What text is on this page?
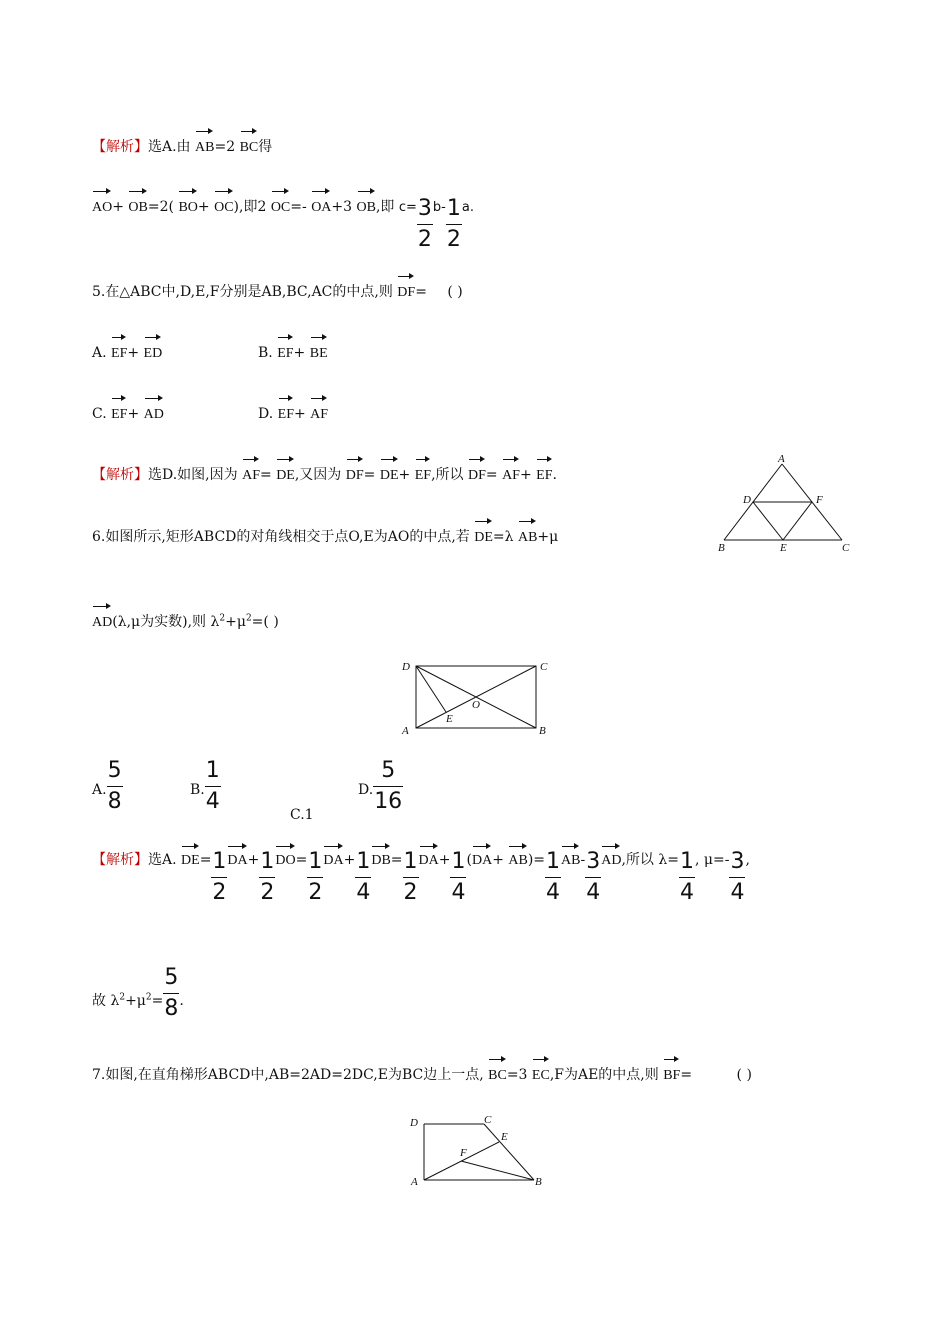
【解析】选A.由 AB=2 BC得
AO+ OB=2( BO+ OC),即2 OC=- OA+3 OB,即 $c= \frac{3}{2} b- \frac{1}{2} a$.
5.在△ABC中,D,E,F分别是AB,BC,AC的中点,则 DF= ( )
A. EF+ ED	B. EF+ BE
C. EF+ AD	D. EF+ AF
【解析】选D.如图,因为 AF= DE,又因为 DF= DE+ EF,所以 DF= AF+ EF.
A
D	F
B	E	C
6.如图所示,矩形ABCD的对角线相交于点O,E为AO的中点,若 DE=λ AB+μ
AD(λ,μ为实数),则 $\lambda^2+\mu^2=$( )
D	C
E
O
A	B
A. $\frac{5}{8}$	B. $\frac{1}{4}$	C.1
D. $\frac{5}{16}$
【解析】选A. $DE= \frac{1}{2} DA+ \frac{1}{2} DO= \frac{1}{2} DA+ \frac{1}{4} DB= \frac{1}{2} DA+ \frac{1}{4} (DA+ AB)= \frac{1}{4} AB- \frac{3}{4}$ AD,所以 $\lambda= \frac{1}{4}$ , $\mu=- \frac{3}{4}$ ,
故 $\lambda^2+\mu^2= \frac{5}{8}$ .
7.如图,在直角梯形ABCD中,AB=2AD=2DC,E为BC边上一点, BC=3 EC,F为AE的中点,则 BF=	( )
D	C
E
F
A	B
